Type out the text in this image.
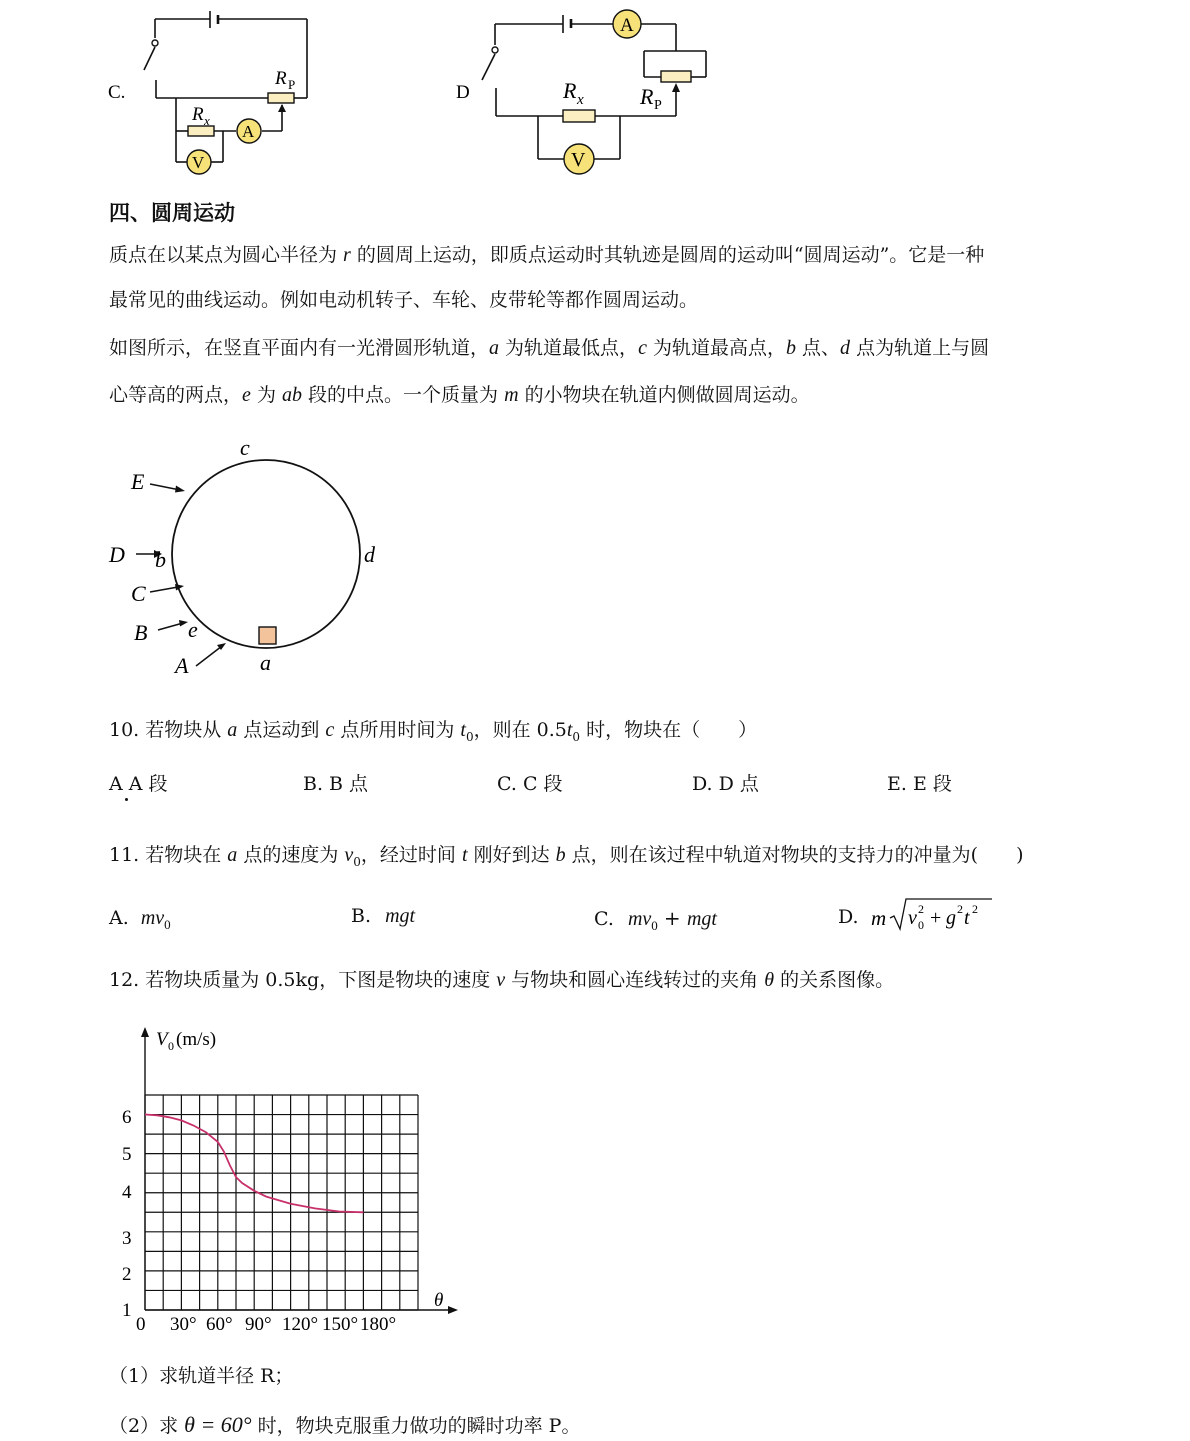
C.
R P
R x
A
V
D	R P
R x
A
V
四、圆周运动
质点在以某点为圆心半径为 r 的圆周上运动，即质点运动时其轨迹是圆周的运动叫“圆周运动”。它是一种
最常见的曲线运动。例如电动机转子、车轮、皮带轮等都作圆周运动。
如图所示，在竖直平面内有一光滑圆形轨道，a 为轨道最低点，c 为轨道最高点，b 点、d 点为轨道上与圆
心等高的两点，e 为 ab 段的中点。一个质量为 m 的小物块在轨道内侧做圆周运动。
c
d
b
e
a
E
D
C
B
A
10. 若物块从 a 点运动到 c 点所用时间为 $t_0$，则在 $0.5t_0$ 时，物块在（　　）
A A 段	B. B 点	C. C 段	D. D 点	E. E 段
11. 若物块在 a 点的速度为 $v_0$，经过时间 t 刚好到达 b 点，则在该过程中轨道对物块的支持力的冲量为(　　)
A. $mv_0$	B. mgt	C. $mv_0$ + mgt	D. m v 0
2 + g 2 t 2
12. 若物块质量为 0.5kg，下图是物块的速度 v 与物块和圆心连线转过的夹角 θ 的关系图像。
V 0 (m/s)
θ
6
5
4
3
2
1
0 30° 60° 90° 120° 150° 180°
（1）求轨道半径 R；
（2）求 θ = 60° 时，物块克服重力做功的瞬时功率 P。
